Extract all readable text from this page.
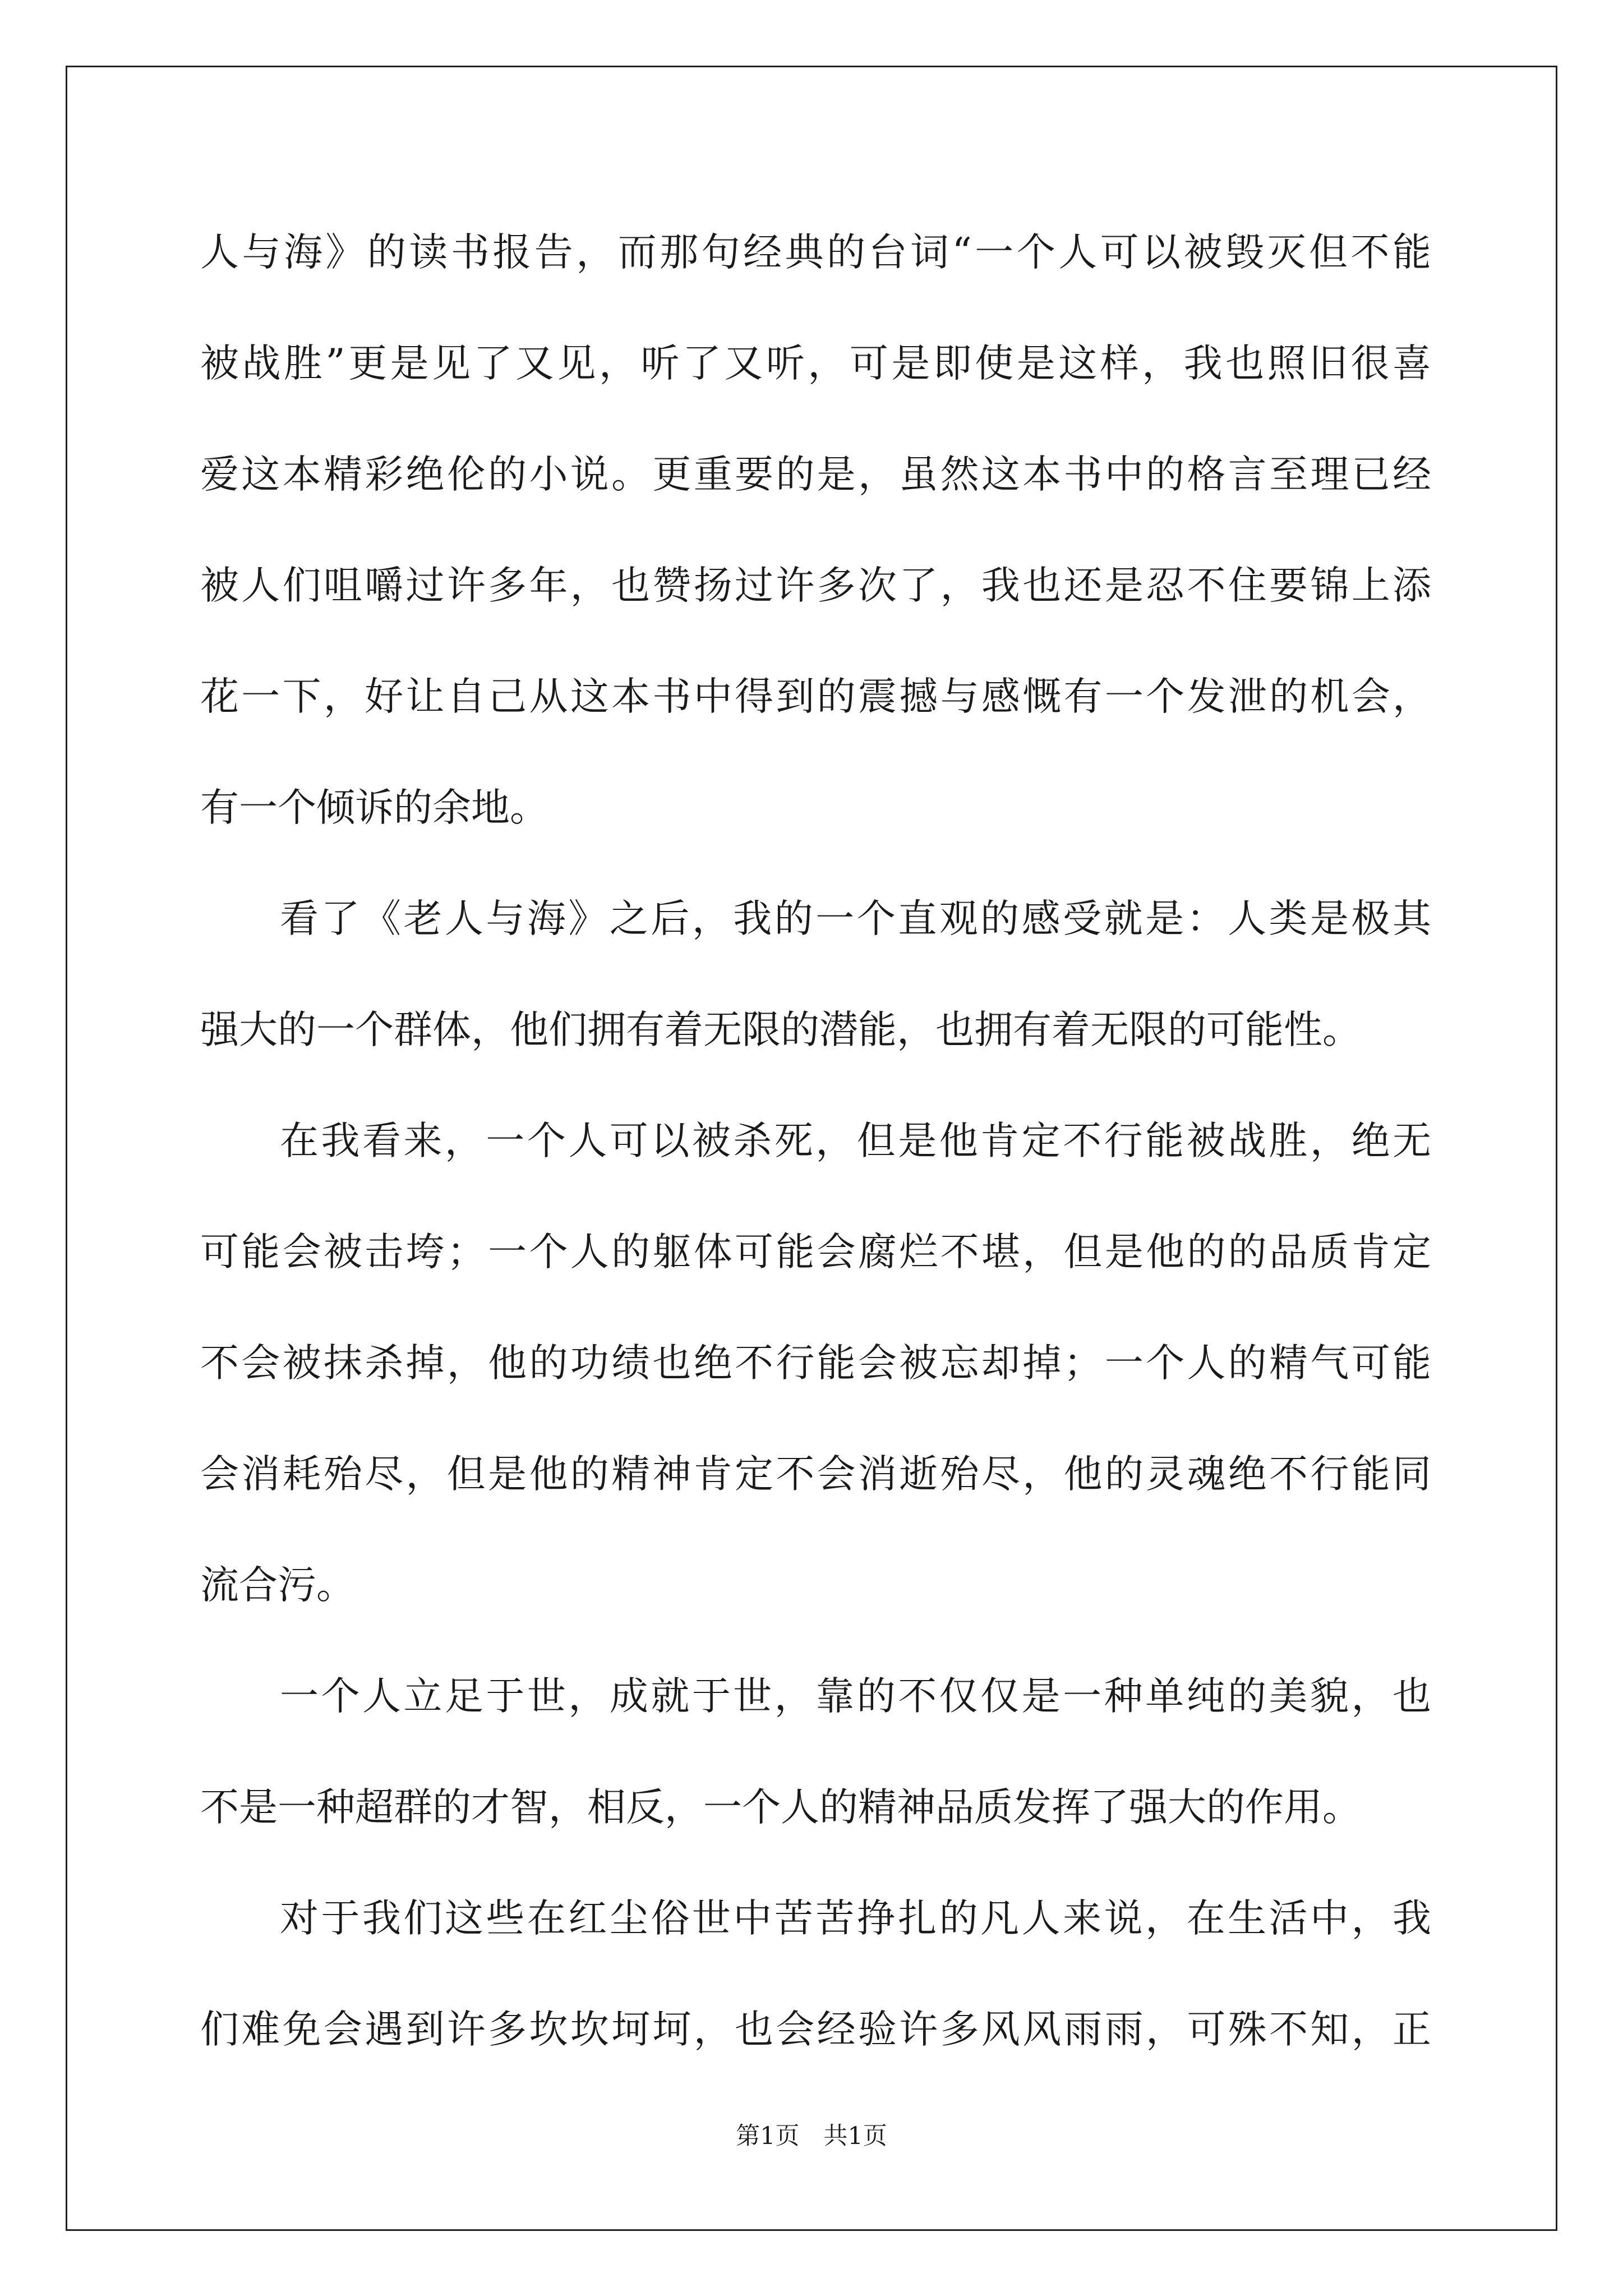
人与海》的读书报告，而那句经典的台词“一个人可以被毁灭但不能
被战胜”更是见了又见，听了又听，可是即使是这样，我也照旧很喜
爱这本精彩绝伦的小说。更重要的是，虽然这本书中的格言至理已经
被人们咀嚼过许多年，也赞扬过许多次了，我也还是忍不住要锦上添
花一下，好让自己从这本书中得到的震撼与感慨有一个发泄的机会，
有一个倾诉的余地。
看了《老人与海》之后，我的一个直观的感受就是：人类是极其
强大的一个群体，他们拥有着无限的潜能，也拥有着无限的可能性。
在我看来，一个人可以被杀死，但是他肯定不行能被战胜，绝无
可能会被击垮；一个人的躯体可能会腐烂不堪，但是他的的品质肯定
不会被抹杀掉，他的功绩也绝不行能会被忘却掉；一个人的精气可能
会消耗殆尽，但是他的精神肯定不会消逝殆尽，他的灵魂绝不行能同
流合污。
一个人立足于世，成就于世，靠的不仅仅是一种单纯的美貌，也
不是一种超群的才智，相反，一个人的精神品质发挥了强大的作用。
对于我们这些在红尘俗世中苦苦挣扎的凡人来说，在生活中，我
们难免会遇到许多坎坎坷坷，也会经验许多风风雨雨，可殊不知，正
第1页　共1页
